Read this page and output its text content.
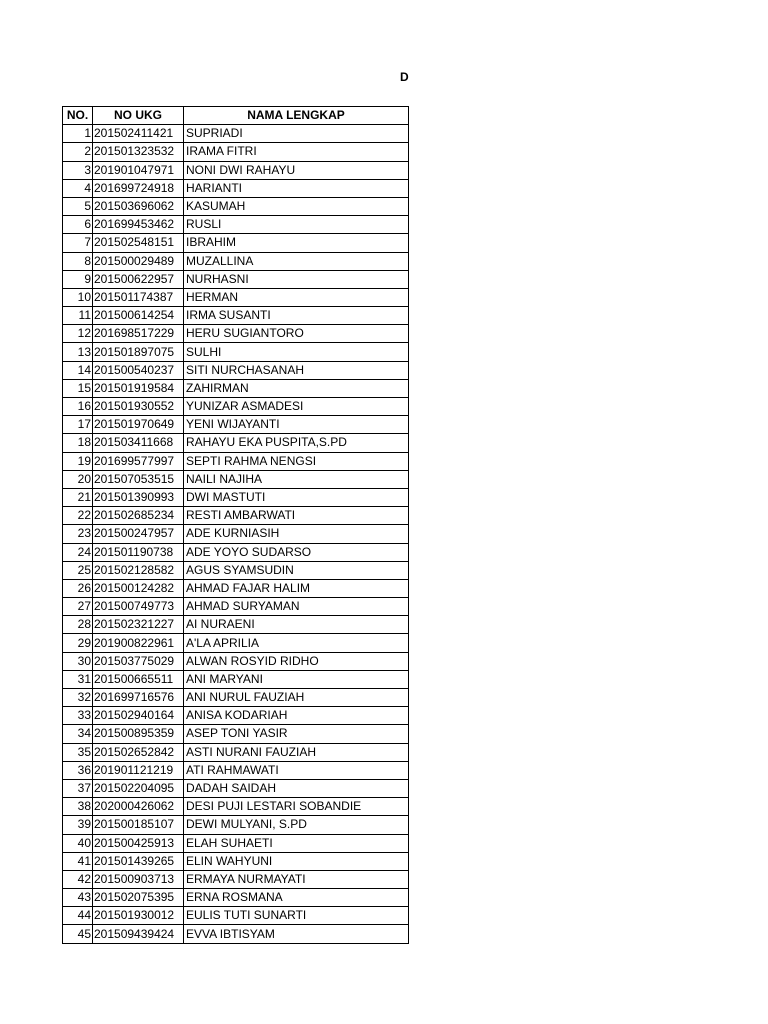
D
NO.	NO UKG	NAMA LENGKAP
1	201502411421	SUPRIADI
2	201501323532	IRAMA FITRI
3	201901047971	NONI DWI RAHAYU
4	201699724918	HARIANTI
5	201503696062	KASUMAH
6	201699453462	RUSLI
7	201502548151	IBRAHIM
8	201500029489	MUZALLINA
9	201500622957	NURHASNI
10	201501174387	HERMAN
11	201500614254	IRMA SUSANTI
12	201698517229	HERU SUGIANTORO
13	201501897075	SULHI
14	201500540237	SITI NURCHASANAH
15	201501919584	ZAHIRMAN
16	201501930552	YUNIZAR ASMADESI
17	201501970649	YENI WIJAYANTI
18	201503411668	RAHAYU EKA PUSPITA,S.PD
19	201699577997	SEPTI RAHMA NENGSI
20	201507053515	NAILI NAJIHA
21	201501390993	DWI MASTUTI
22	201502685234	RESTI AMBARWATI
23	201500247957	ADE KURNIASIH
24	201501190738	ADE YOYO SUDARSO
25	201502128582	AGUS SYAMSUDIN
26	201500124282	AHMAD FAJAR HALIM
27	201500749773	AHMAD SURYAMAN
28	201502321227	AI NURAENI
29	201900822961	A'LA APRILIA
30	201503775029	ALWAN ROSYID RIDHO
31	201500665511	ANI MARYANI
32	201699716576	ANI NURUL FAUZIAH
33	201502940164	ANISA KODARIAH
34	201500895359	ASEP TONI YASIR
35	201502652842	ASTI NURANI FAUZIAH
36	201901121219	ATI RAHMAWATI
37	201502204095	DADAH SAIDAH
38	202000426062	DESI PUJI LESTARI SOBANDIE
39	201500185107	DEWI MULYANI, S.PD
40	201500425913	ELAH SUHAETI
41	201501439265	ELIN WAHYUNI
42	201500903713	ERMAYA NURMAYATI
43	201502075395	ERNA ROSMANA
44	201501930012	EULIS TUTI SUNARTI
45	201509439424	EVVA IBTISYAM
